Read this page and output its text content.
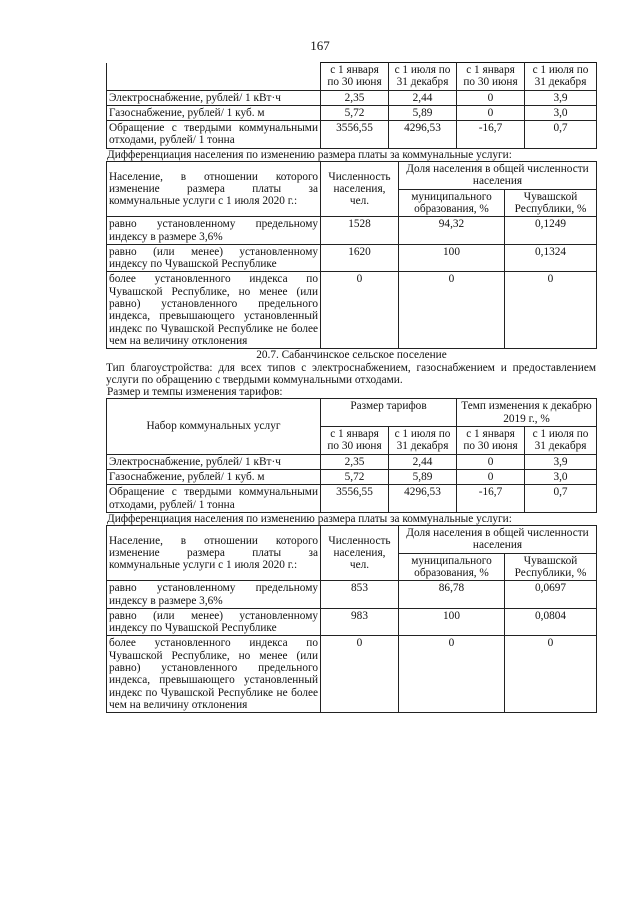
167
	с 1 января по 30 июня	с 1 июля по 31 декабря	с 1 января по 30 июня	с 1 июля по 31 декабря
Электроснабжение, рублей/ 1 кВт·ч	2,35	2,44	0	3,9
Газоснабжение, рублей/ 1 куб. м	5,72	5,89	0	3,0
Обращение с твердыми коммунальными отходами, рублей/ 1 тонна	3556,55	4296,53	-16,7	0,7
Дифференциация населения по изменению размера платы за коммунальные услуги:
Население, в отношении которого изменение размера платы за коммунальные услуги с 1 июля 2020 г.:	Численность населения, чел.	Доля населения в общей численности населения	
		муниципального образования, %	Чувашской Республики, %
равно установленному предельному индексу в размере 3,6%	1528	94,32	0,1249
равно (или менее) установленному индексу по Чувашской Республике	1620	100	0,1324
более установленного индекса по Чувашской Республике, но менее (или равно) установленного предельного индекса, превышающего установленный индекс по Чувашской Республике не более чем на величину отклонения	0	0	0
20.7. Сабанчинское сельское поселение
Тип благоустройства: для всех типов с электроснабжением, газоснабжением и предоставлением услуги по обращению с твердыми коммунальными отходами.
Размер и темпы изменения тарифов:
Набор коммунальных услуг	Размер тарифов		Темп изменения к декабрю 2019 г., %	
	с 1 января по 30 июня	с 1 июля по 31 декабря	с 1 января по 30 июня	с 1 июля по 31 декабря
Электроснабжение, рублей/ 1 кВт·ч	2,35	2,44	0	3,9
Газоснабжение, рублей/ 1 куб. м	5,72	5,89	0	3,0
Обращение с твердыми коммунальными отходами, рублей/ 1 тонна	3556,55	4296,53	-16,7	0,7
Дифференциация населения по изменению размера платы за коммунальные услуги:
Население, в отношении которого изменение размера платы за коммунальные услуги с 1 июля 2020 г.:	Численность населения, чел.	Доля населения в общей численности населения	
		муниципального образования, %	Чувашской Республики, %
равно установленному предельному индексу в размере 3,6%	853	86,78	0,0697
равно (или менее) установленному индексу по Чувашской Республике	983	100	0,0804
более установленного индекса по Чувашской Республике, но менее (или равно) установленного предельного индекса, превышающего установленный индекс по Чувашской Республике не более чем на величину отклонения	0	0	0
